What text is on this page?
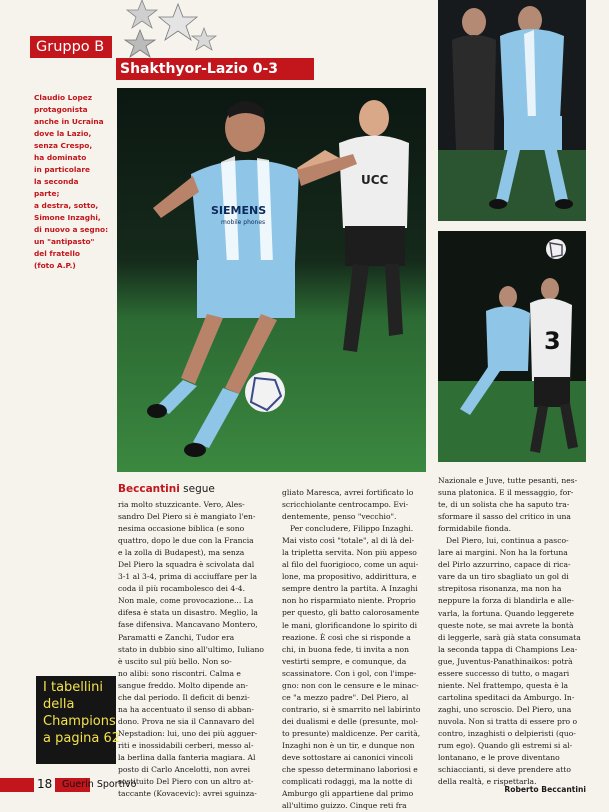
Gruppo B
Shakthyor-Lazio 0-3
Claudio Lopez
protagonista
anche in Ucraina
dove la Lazio,
senza Crespo,
ha dominato
in particolare
la seconda
parte;
a destra, sotto,
Simone Inzaghi,
di nuovo a segno:
un "antipasto"
del fratello
(foto A.P.)
UCC
SIEMENS
mobile phones
3
Beccantini segue
ria molto stuzzicante. Vero, Ales-
sandro Del Piero si è mangiato l'en-
nesima occasione biblica (e sono
quattro, dopo le due con la Francia
e la zolla di Budapest), ma senza
Del Piero la squadra è scivolata dal
3-1 al 3-4, prima di acciuffare per la
coda il più rocambolesco dei 4-4.
Non male, come provocazione... La
difesa è stata un disastro. Meglio, la
fase difensiva. Mancavano Montero,
Paramatti e Zanchi, Tudor era
stato in dubbio sino all'ultimo, Iuliano
è uscito sul più bello. Non so-
no alibi: sono riscontri. Calma e
sangue freddo. Molto dipende an-
che dal periodo. Il deficit di benzi-
na ha accentuato il senso di abban-
dono. Prova ne sia il Cannavaro del
Nepstadion: lui, uno dei più agguer-
riti e inossidabili cerberi, messo al-
la berlina dalla fanteria magiara. Al
posto di Carlo Ancelotti, non avrei
sostituito Del Piero con un altro at-
taccante (Kovacevic): avrei sguinza-
gliato Maresca, avrei fortificato lo
scricchiolante centrocampo. Evi-
dentemente, penso "vecchio".
Per concludere, Filippo Inzaghi.
Mai visto così "totale", al di là del-
la tripletta servita. Non più appeso
al filo del fuorigioco, come un aqui-
lone, ma propositivo, addirittura, e
sempre dentro la partita. A Inzaghi
non ho risparmiato niente. Proprio
per questo, gli batto calorosamente
le mani, glorificandone lo spirito di
reazione. È così che si risponde a
chi, in buona fede, ti invita a non
vestirti sempre, e comunque, da
scassinatore. Con i gol, con l'impe-
gno: non con le censure e le minac-
ce "a mezzo padre". Del Piero, al
contrario, si è smarrito nel labirinto
dei dualismi e delle (presunte, mol-
to presunte) maldicenze. Per carità,
Inzaghi non è un tir, e dunque non
deve sottostare ai canonici vincoli
che spesso determinano laboriosi e
complicati rodaggi, ma la notte di
Amburgo gli appartiene dal primo
all'ultimo guizzo. Cinque reti fra
Nazionale e Juve, tutte pesanti, nes-
suna platonica. E il messaggio, for-
te, di un solista che ha saputo tra-
sformare il sasso del critico in una
formidabile fionda.
Del Piero, lui, continua a pasco-
lare ai margini. Non ha la fortuna
del Pirlo azzurrino, capace di rica-
vare da un tiro sbagliato un gol di
strepitosa risonanza, ma non ha
neppure la forza di blandirla e alle-
varla, la fortuna. Quando leggerete
queste note, se mai avrete la bontà
di leggerle, sarà già stata consumata
la seconda tappa di Champions Lea-
gue, Juventus-Panathinaikos: potrà
essere successo di tutto, o magari
niente. Nel frattempo, questa è la
cartolina speditaci da Amburgo. In-
zaghi, uno scroscio. Del Piero, una
nuvola. Non si tratta di essere pro o
contro, inzaghisti o delpieristi (quo-
rum ego). Quando gli estremi si al-
lontanano, e le prove diventano
schiaccianti, si deve prendere atto
della realtà, e rispettarla.
Roberto Beccantini
I tabellini
della
Champions
a pagina 62
18	Guerin Sportivo
